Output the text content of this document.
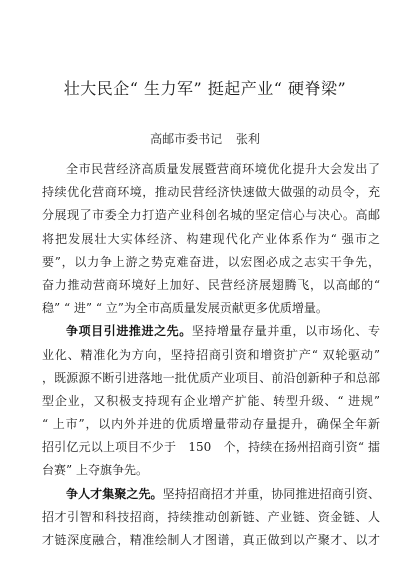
壮大民企“ 生力军” 挺起产业“ 硬脊梁”
高邮市委书记 张利
全市民营经济高质量发展暨营商环境优化提升大会发出了
持续优化营商环境，推动民营经济快速做大做强的动员令，充
分展现了市委全力打造产业科创名城的坚定信心与决心。高邮
将把发展壮大实体经济、构建现代化产业体系作为“ 强市之
要”，以力争上游之势克难奋进，以宏图必成之志实干争先，
奋力推动营商环境好上加好、民营经济展翅腾飞，以高邮的“
稳” “ 进” “ 立”为全市高质量发展贡献更多优质增量。
争项目引进推进之先。坚持增量存量并重，以市场化、专
业化、精准化为方向，坚持招商引资和增资扩产“ 双轮驱动”
，既源源不断引进落地一批优质产业项目、前沿创新种子和总部
型企业，又积极支持现有企业增产扩能、转型升级、“ 进规”
“ 上市”，以内外并进的优质增量带动存量提升，确保全年新
招引亿元以上项目不少于　150　个，持续在扬州招商引资“ 擂
台赛” 上夺旗争先。
争人才集聚之先。坚持招商招才并重，协同推进招商引资、
招才引智和科技招商，持续推动创新链、产业链、资金链、人
才链深度融合，精准绘制人才图谱，真正做到以产聚才、以才
